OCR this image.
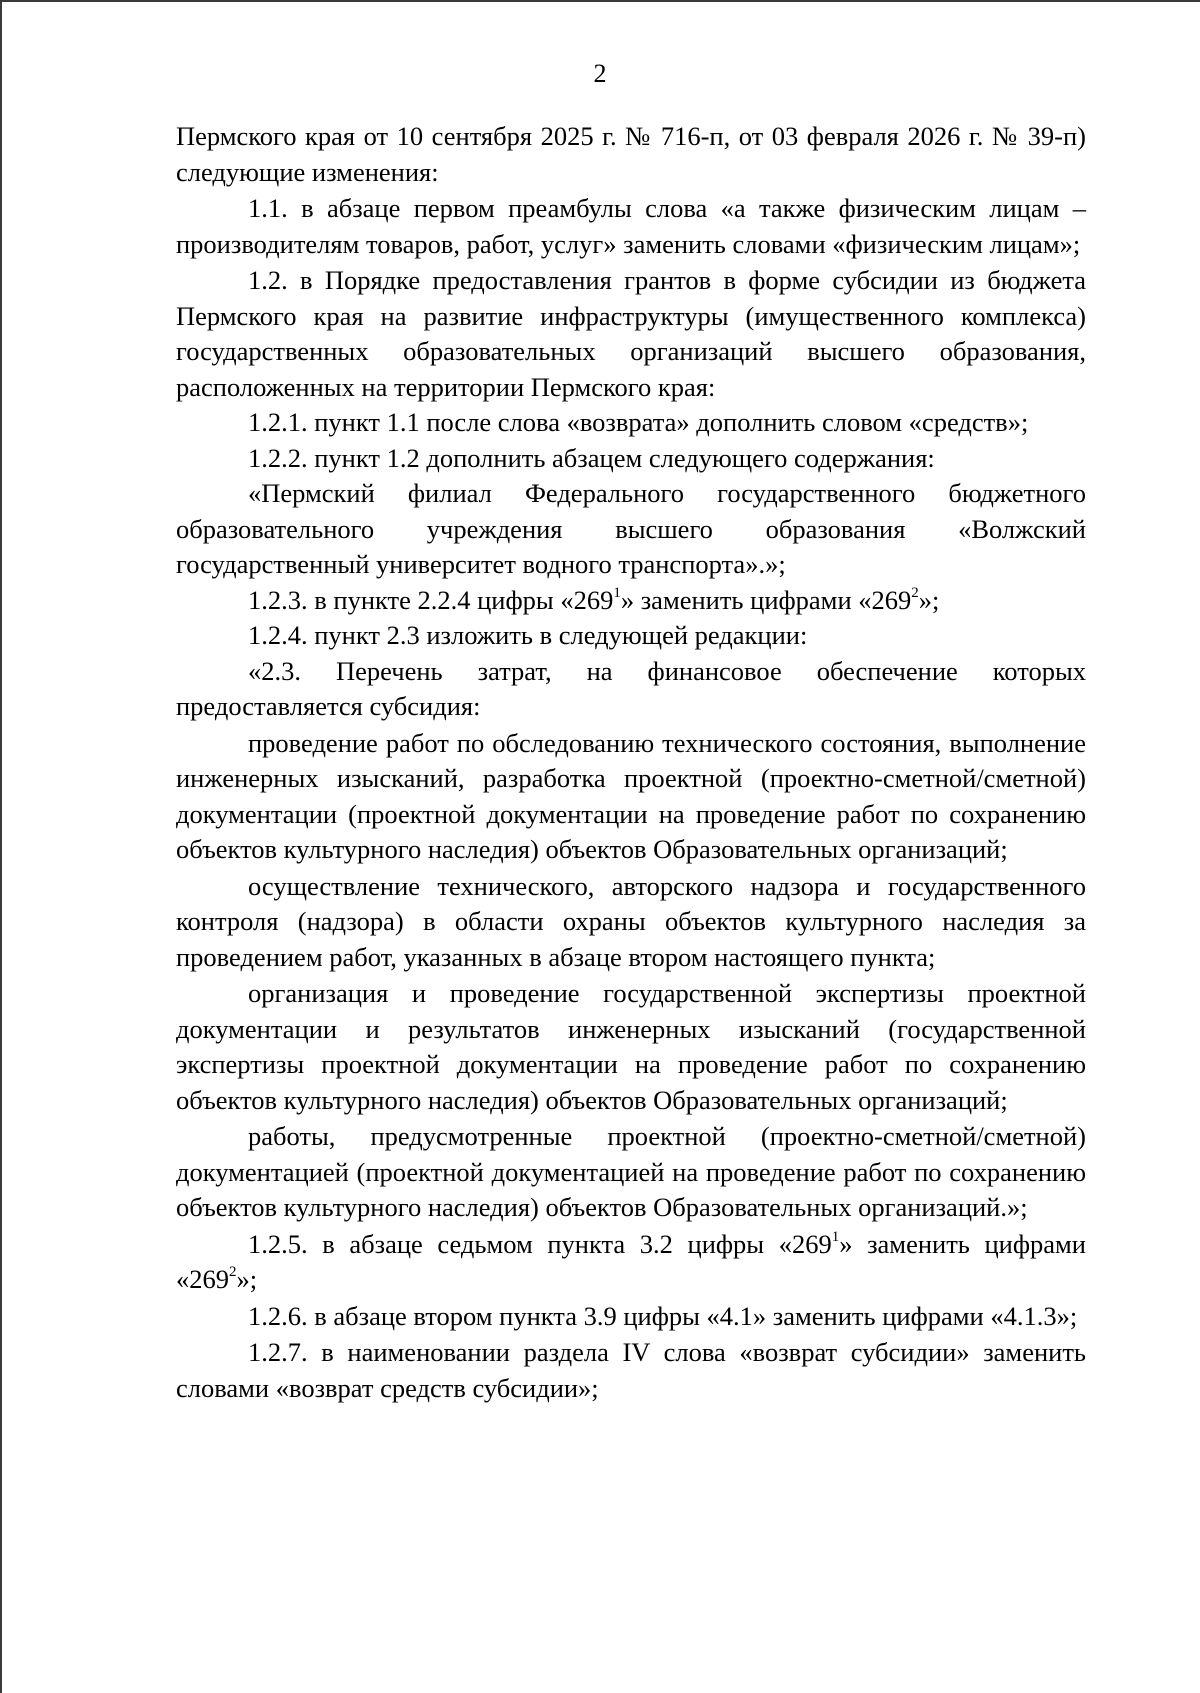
2

Пермского края от 10 сентября 2025 г. № 716-п, от 03 февраля 2026 г. № 39-п) следующие изменения:

1.1. в абзаце первом преамбулы слова «а также физическим лицам – производителям товаров, работ, услуг» заменить словами «физическим лицам»;

1.2. в Порядке предоставления грантов в форме субсидии из бюджета Пермского края на развитие инфраструктуры (имущественного комплекса) государственных образовательных организаций высшего образования, расположенных на территории Пермского края:

1.2.1. пункт 1.1 после слова «возврата» дополнить словом «средств»;

1.2.2. пункт 1.2 дополнить абзацем следующего содержания:

«Пермский филиал Федерального государственного бюджетного образовательного учреждения высшего образования «Волжский государственный университет водного транспорта».»;

1.2.3. в пункте 2.2.4 цифры «$269^1$» заменить цифрами «$269^2$»;

1.2.4. пункт 2.3 изложить в следующей редакции:

«2.3. Перечень затрат, на финансовое обеспечение которых предоставляется субсидия:

проведение работ по обследованию технического состояния, выполнение инженерных изысканий, разработка проектной (проектно-сметной/сметной) документации (проектной документации на проведение работ по сохранению объектов культурного наследия) объектов Образовательных организаций;

осуществление технического, авторского надзора и государственного контроля (надзора) в области охраны объектов культурного наследия за проведением работ, указанных в абзаце втором настоящего пункта;

организация и проведение государственной экспертизы проектной документации и результатов инженерных изысканий (государственной экспертизы проектной документации на проведение работ по сохранению объектов культурного наследия) объектов Образовательных организаций;

работы, предусмотренные проектной (проектно-сметной/сметной) документацией (проектной документацией на проведение работ по сохранению объектов культурного наследия) объектов Образовательных организаций.»;

1.2.5. в абзаце седьмом пункта 3.2 цифры «$269^1$» заменить цифрами «$269^2$»;

1.2.6. в абзаце втором пункта 3.9 цифры «4.1» заменить цифрами «4.1.3»;

1.2.7. в наименовании раздела IV слова «возврат субсидии» заменить словами «возврат средств субсидии»;
